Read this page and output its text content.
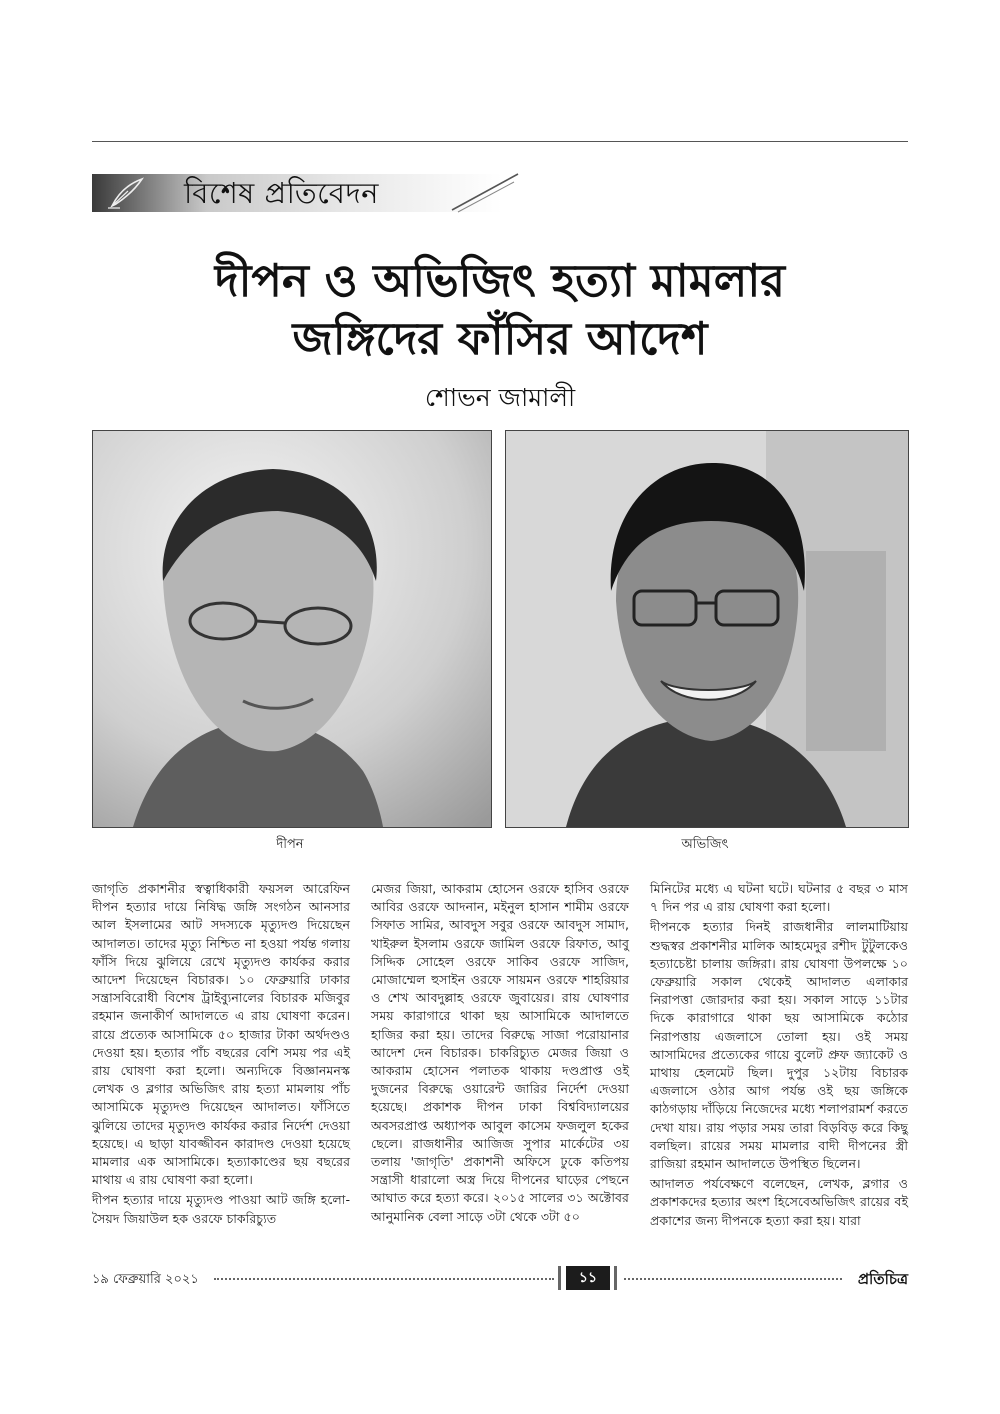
বিশেষ প্রতিবেদন
দীপন ও অভিজিৎ হত্যা মামলার
জঙ্গিদের ফাঁসির আদেশ
শোভন জামালী
দীপন	অভিজিৎ

জাগৃতি প্রকাশনীর স্বত্বাধিকারী ফয়সল আরেফিন দীপন হত্যার দায়ে নিষিদ্ধ জঙ্গি সংগঠন আনসার আল ইসলামের আট সদস্যকে মৃত্যুদণ্ড দিয়েছেন আদালত। তাদের মৃত্যু নিশ্চিত না হওয়া পর্যন্ত গলায় ফাঁসি দিয়ে ঝুলিয়ে রেখে মৃত্যুদণ্ড কার্যকর করার আদেশ দিয়েছেন বিচারক। ১০ ফেব্রুয়ারি ঢাকার সন্ত্রাসবিরোধী বিশেষ ট্রাইব্যুনালের বিচারক মজিবুর রহমান জনাকীর্ণ আদালতে এ রায় ঘোষণা করেন। রায়ে প্রত্যেক আসামিকে ৫০ হাজার টাকা অর্থদণ্ডও দেওয়া হয়। হত্যার পাঁচ বছরের বেশি সময় পর এই রায় ঘোষণা করা হলো। অন্যদিকে বিজ্ঞানমনস্ক লেখক ও ব্লগার অভিজিৎ রায় হত্যা মামলায় পাঁচ আসামিকে মৃত্যুদণ্ড দিয়েছেন আদালত। ফাঁসিতে ঝুলিয়ে তাদের মৃত্যুদণ্ড কার্যকর করার নির্দেশ দেওয়া হয়েছে। এ ছাড়া যাবজ্জীবন কারাদণ্ড দেওয়া হয়েছে মামলার এক আসামিকে। হত্যাকাণ্ডের ছয় বছরের মাথায় এ রায় ঘোষণা করা হলো।

দীপন হত্যার দায়ে মৃত্যুদণ্ড পাওয়া আট জঙ্গি হলো- সৈয়দ জিয়াউল হক ওরফে চাকরিচ্যুত

মেজর জিয়া, আকরাম হোসেন ওরফে হাসিব ওরফে আবির ওরফে আদনান, মইনুল হাসান শামীম ওরফে সিফাত সামির, আবদুস সবুর ওরফে আবদুস সামাদ, খাইরুল ইসলাম ওরফে জামিল ওরফে রিফাত, আবু সিদ্দিক সোহেল ওরফে সাকিব ওরফে সাজিদ, মোজাম্মেল হুসাইন ওরফে সায়মন ওরফে শাহরিয়ার ও শেখ আবদুল্লাহ ওরফে জুবায়ের। রায় ঘোষণার সময় কারাগারে থাকা ছয় আসামিকে আদালতে হাজির করা হয়। তাদের বিরুদ্ধে সাজা পরোয়ানার আদেশ দেন বিচারক। চাকরিচ্যুত মেজর জিয়া ও আকরাম হোসেন পলাতক থাকায় দণ্ডপ্রাপ্ত ওই দুজনের বিরুদ্ধে ওয়ারেন্ট জারির নির্দেশ দেওয়া হয়েছে। প্রকাশক দীপন ঢাকা বিশ্ববিদ্যালয়ের অবসরপ্রাপ্ত অধ্যাপক আবুল কাসেম ফজলুল হকের ছেলে। রাজধানীর আজিজ সুপার মার্কেটের ৩য় তলায় 'জাগৃতি' প্রকাশনী অফিসে ঢুকে কতিপয় সন্ত্রাসী ধারালো অস্ত্র দিয়ে দীপনের ঘাড়ের পেছনে আঘাত করে হত্যা করে। ২০১৫ সালের ৩১ অক্টোবর আনুমানিক বেলা সাড়ে ৩টা থেকে ৩টা ৫০

মিনিটের মধ্যে এ ঘটনা ঘটে। ঘটনার ৫ বছর ৩ মাস ৭ দিন পর এ রায় ঘোষণা করা হলো।

দীপনকে হত্যার দিনই রাজধানীর লালমাটিয়ায় শুদ্ধস্বর প্রকাশনীর মালিক আহমেদুর রশীদ টুটুলকেও হত্যাচেষ্টা চালায় জঙ্গিরা। রায় ঘোষণা উপলক্ষে ১০ ফেব্রুয়ারি সকাল থেকেই আদালত এলাকার নিরাপত্তা জোরদার করা হয়। সকাল সাড়ে ১১টার দিকে কারাগারে থাকা ছয় আসামিকে কঠোর নিরাপত্তায় এজলাসে তোলা হয়। ওই সময় আসামিদের প্রত্যেকের গায়ে বুলেট প্রুফ জ্যাকেট ও মাথায় হেলমেট ছিল। দুপুর ১২টায় বিচারক এজলাসে ওঠার আগ পর্যন্ত ওই ছয় জঙ্গিকে কাঠগড়ায় দাঁড়িয়ে নিজেদের মধ্যে শলাপরামর্শ করতে দেখা যায়। রায় পড়ার সময় তারা বিড়বিড় করে কিছু বলছিল। রায়ের সময় মামলার বাদী দীপনের স্ত্রী রাজিয়া রহমান আদালতে উপস্থিত ছিলেন।

আদালত পর্যবেক্ষণে বলেছেন, লেখক, ব্লগার ও প্রকাশকদের হত্যার অংশ হিসেবেঅভিজিৎ রায়ের বই প্রকাশের জন্য দীপনকে হত্যা করা হয়। যারা

১৯ ফেব্রুয়ারি ২০২১	১১	প্রতিচিত্র
